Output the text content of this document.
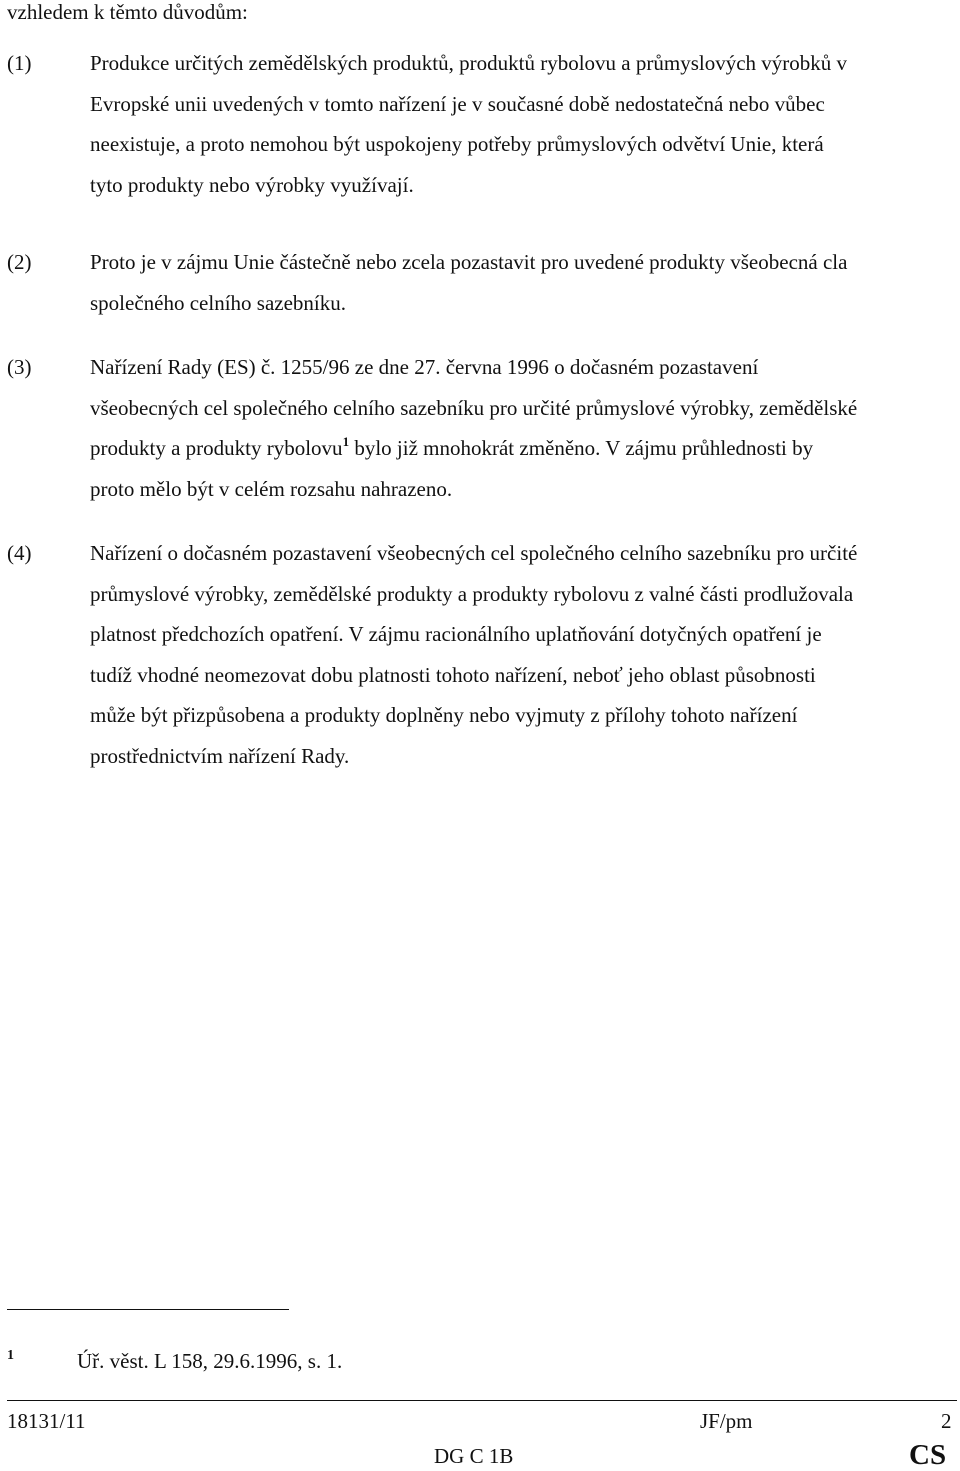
vzhledem k těmto důvodům:
(1)	Produkce určitých zemědělských produktů, produktů rybolovu a průmyslových výrobků v
Evropské unii uvedených v tomto nařízení je v současné době nedostatečná nebo vůbec
neexistuje, a proto nemohou být uspokojeny potřeby průmyslových odvětví Unie, která
tyto produkty nebo výrobky využívají.
(2)	Proto je v zájmu Unie částečně nebo zcela pozastavit pro uvedené produkty všeobecná cla
společného celního sazebníku.
(3)	Nařízení Rady (ES) č. 1255/96 ze dne 27. června 1996 o dočasném pozastavení
všeobecných cel společného celního sazebníku pro určité průmyslové výrobky, zemědělské
produkty a produkty rybolovu$^1$ bylo již mnohokrát změněno. V zájmu průhlednosti by
proto mělo být v celém rozsahu nahrazeno.
(4)	Nařízení o dočasném pozastavení všeobecných cel společného celního sazebníku pro určité
průmyslové výrobky, zemědělské produkty a produkty rybolovu z valné části prodlužovala
platnost předchozích opatření. V zájmu racionálního uplatňování dotyčných opatření je
tudíž vhodné neomezovat dobu platnosti tohoto nařízení, neboť jeho oblast působnosti
může být přizpůsobena a produkty doplněny nebo vyjmuty z přílohy tohoto nařízení
prostřednictvím nařízení Rady.
1	Úř. věst. L 158, 29.6.1996, s. 1.
18131/11	JF/pm	2
DG C 1B	CS
